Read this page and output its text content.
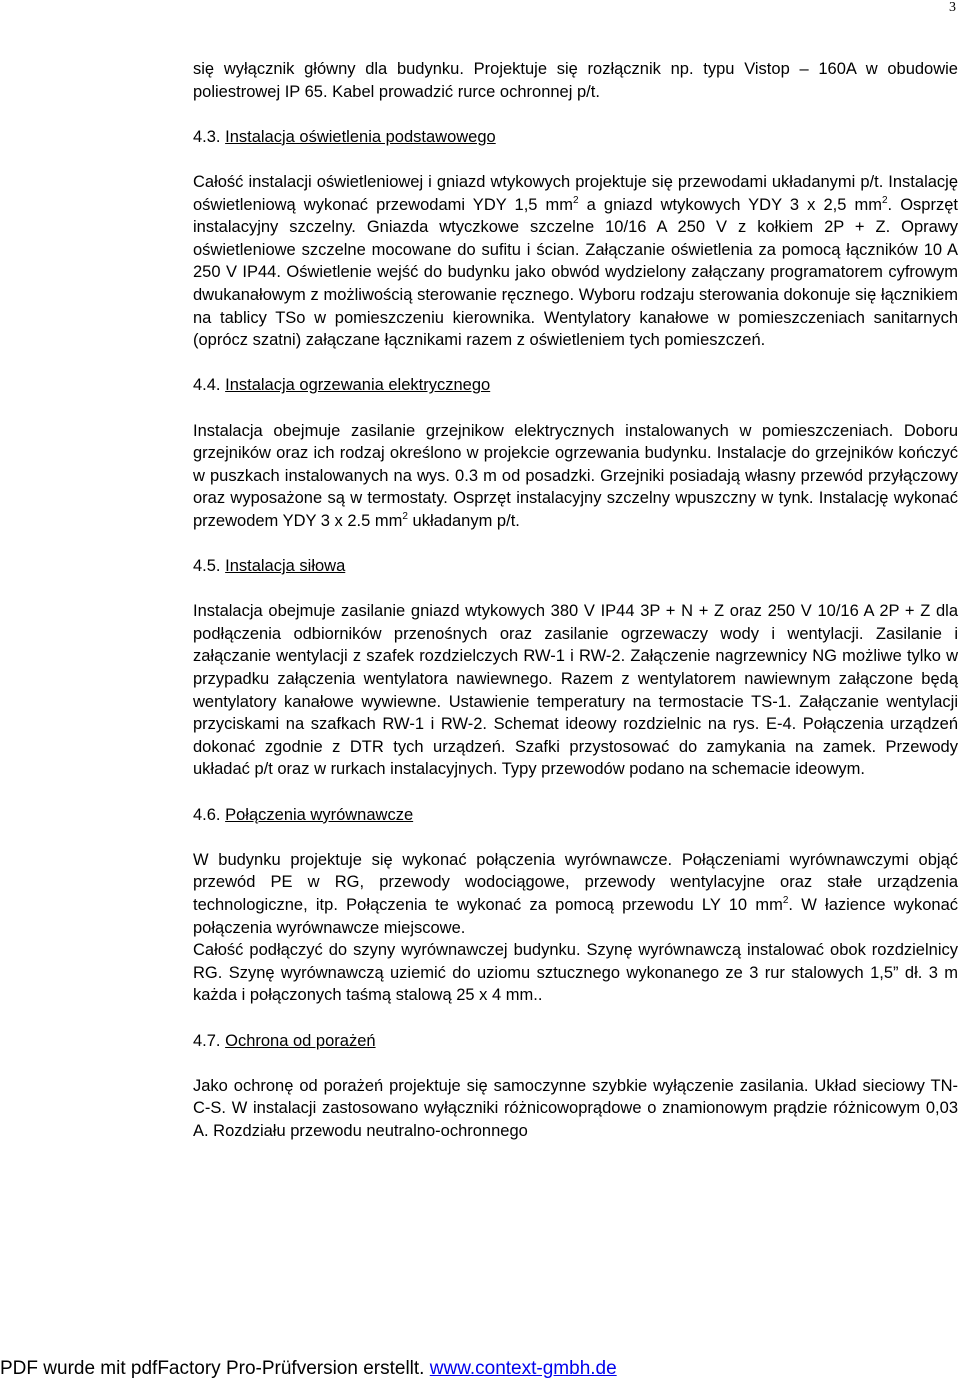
3

się wyłącznik główny dla budynku. Projektuje się rozłącznik np. typu Vistop – 160A w obudowie poliestrowej IP 65. Kabel prowadzić rurce ochronnej p/t.

4.3. Instalacja oświetlenia podstawowego

Całość instalacji oświetleniowej i gniazd wtykowych projektuje się przewodami układanymi p/t. Instalację oświetleniową wykonać przewodami YDY 1,5 $mm^2$ a gniazd wtykowych YDY 3 x 2,5 $mm^2$. Osprzęt instalacyjny szczelny. Gniazda wtyczkowe szczelne 10/16 A 250 V z kołkiem 2P + Z. Oprawy oświetleniowe szczelne mocowane do sufitu i ścian. Załączanie oświetlenia za pomocą łączników 10 A 250 V IP44. Oświetlenie wejść do budynku jako obwód wydzielony załączany programatorem cyfrowym dwukanałowym z możliwością sterowanie ręcznego. Wyboru rodzaju sterowania dokonuje się łącznikiem na tablicy TSo w pomieszczeniu kierownika. Wentylatory kanałowe w pomieszczeniach sanitarnych (oprócz szatni) załączane łącznikami razem z oświetleniem tych pomieszczeń.

4.4. Instalacja ogrzewania elektrycznego

Instalacja obejmuje zasilanie grzejnikow elektrycznych instalowanych w pomieszczeniach. Doboru grzejników oraz ich rodzaj określono w projekcie ogrzewania budynku. Instalacje do grzejników kończyć w puszkach instalowanych na wys. 0.3 m od posadzki. Grzejniki posiadają własny przewód przyłączowy oraz wyposażone są w termostaty. Osprzęt instalacyjny szczelny wpuszczny w tynk. Instalację wykonać przewodem YDY 3 x 2.5 $mm^2$ układanym p/t.

4.5. Instalacja siłowa

Instalacja obejmuje zasilanie gniazd wtykowych 380 V IP44 3P + N + Z oraz 250 V 10/16 A 2P + Z dla podłączenia odbiorników przenośnych oraz zasilanie ogrzewaczy wody i wentylacji. Zasilanie i załączanie wentylacji z szafek rozdzielczych RW-1 i RW-2. Załączenie nagrzewnicy NG możliwe tylko w przypadku załączenia wentylatora nawiewnego. Razem z wentylatorem nawiewnym załączone będą wentylatory kanałowe wywiewne. Ustawienie temperatury na termostacie TS-1. Załączanie wentylacji przyciskami na szafkach RW-1 i RW-2. Schemat ideowy rozdzielnic na rys. E-4. Połączenia urządzeń dokonać zgodnie z DTR tych urządzeń. Szafki przystosować do zamykania na zamek. Przewody układać p/t oraz w rurkach instalacyjnych. Typy przewodów podano na schemacie ideowym.

4.6. Połączenia wyrównawcze

W budynku projektuje się wykonać połączenia wyrównawcze. Połączeniami wyrównawczymi objąć przewód PE w RG, przewody wodociągowe, przewody wentylacyjne oraz stałe urządzenia technologiczne, itp. Połączenia te wykonać za pomocą przewodu LY 10 $mm^2$. W łazience wykonać połączenia wyrównawcze miejscowe.

Całość podłączyć do szyny wyrównawczej budynku. Szynę wyrównawczą instalować obok rozdzielnicy RG. Szynę wyrównawczą uziemić do uziomu sztucznego wykonanego ze 3 rur stalowych 1,5” dł. 3 m każda i połączonych taśmą stalową 25 x 4 mm..

4.7. Ochrona od porażeń

Jako ochronę od porażeń projektuje się samoczynne szybkie wyłączenie zasilania. Układ sieciowy TN-C-S. W instalacji zastosowano wyłączniki różnicowoprądowe o znamionowym prądzie różnicowym 0,03 A. Rozdziału przewodu neutralno-ochronnego

PDF wurde mit pdfFactory Pro-Prüfversion erstellt. www.context-gmbh.de
